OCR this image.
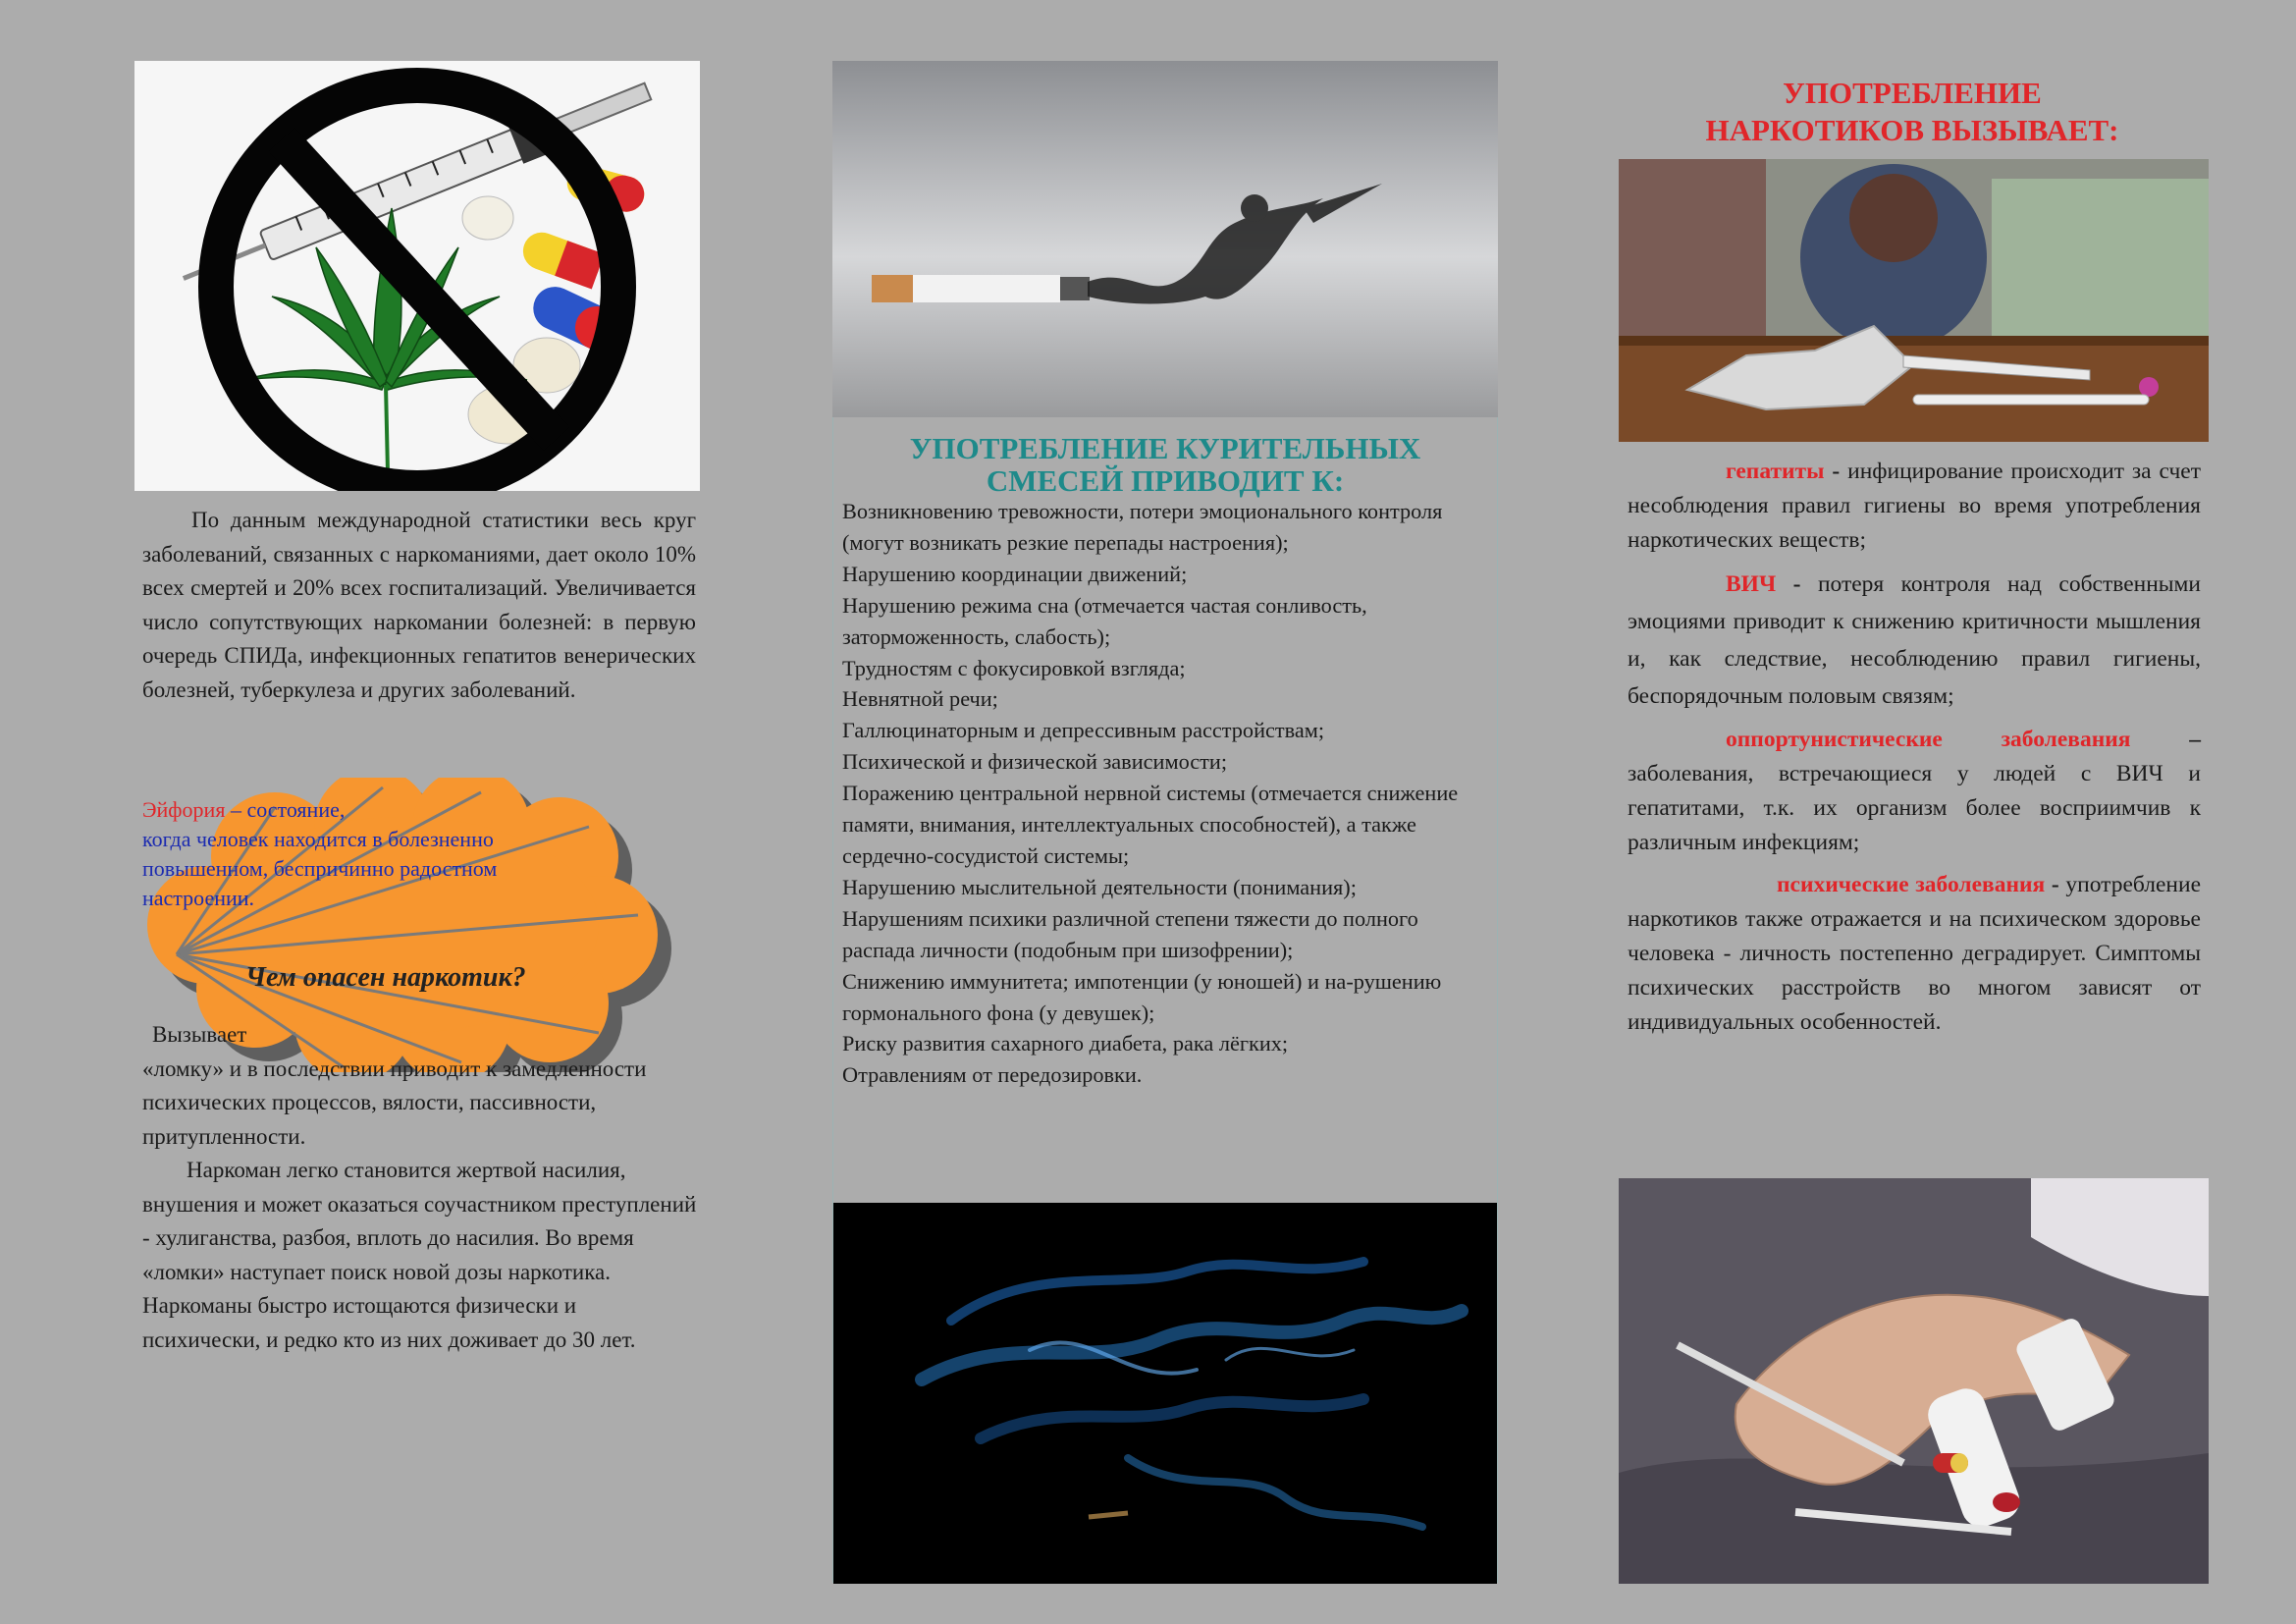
По данным международной статистики весь круг заболеваний, связанных с наркоманиями, дает около 10% всех смертей и 20% всех госпитализаций. Увеличивается число сопутствующих наркомании болезней: в первую очередь СПИДа, инфекционных гепатитов венерических болезней, туберкулеза и других заболеваний.
Эйфория – состояние,
когда человек находится в болезненно повышенном, беспричинно радостном настроении.
Чем опасен наркотик?
Вызывает
«ломку» и в последствии приводит к замедленности психических процессов, вялости, пассивности, притупленности.
Наркоман легко становится жертвой насилия, внушения и может оказаться соучастником преступлений - хулиганства, разбоя, вплоть до насилия. Во время «ломки» наступает поиск новой дозы наркотика. Наркоманы быстро истощаются физически и психически, и редко кто из них доживает до 30 лет.
УПОТРЕБЛЕНИЕ КУРИТЕЛЬНЫХ
СМЕСЕЙ ПРИВОДИТ К:
Возникновению тревожности, потери эмоционального контроля (могут возникать резкие перепады настроения);
Нарушению координации движений;
Нарушению режима сна (отмечается частая сонливость, заторможенность, слабость);
Трудностям с фокусировкой взгляда;
Невнятной речи;
Галлюцинаторным и депрессивным расстройствам;
Психической и физической зависимости;
Поражению центральной нервной системы (отмечается снижение памяти, внимания, интеллектуальных способностей), а также сердечно-сосудистой системы;
Нарушению мыслительной деятельности (понимания);
Нарушениям психики различной степени тяжести до полного распада личности (подобным при шизофрении);
Снижению иммунитета; импотенции (у юношей) и на-рушению гормонального фона (у девушек);
Риску развития сахарного диабета, рака лёгких;
Отравлениям от передозировки.
УПОТРЕБЛЕНИЕ
НАРКОТИКОВ ВЫЗЫВАЕТ:

гепатиты - инфицирование происходит за счет несоблюдения правил гигиены во время употребления наркотических веществ;

ВИЧ - потеря контроля над собственными эмоциями приводит к снижению критичности мышления и, как следствие, несоблюдению правил гигиены, беспорядочным половым связям;

оппортунистические заболевания – заболевания, встречающиеся у людей с ВИЧ и гепатитами, т.к. их организм более восприимчив к различным инфекциям;

психические заболевания - употребление наркотиков также отражается и на психическом здоровье человека - личность постепенно деградирует. Симптомы психических расстройств во многом зависят от индивидуальных особенностей.
